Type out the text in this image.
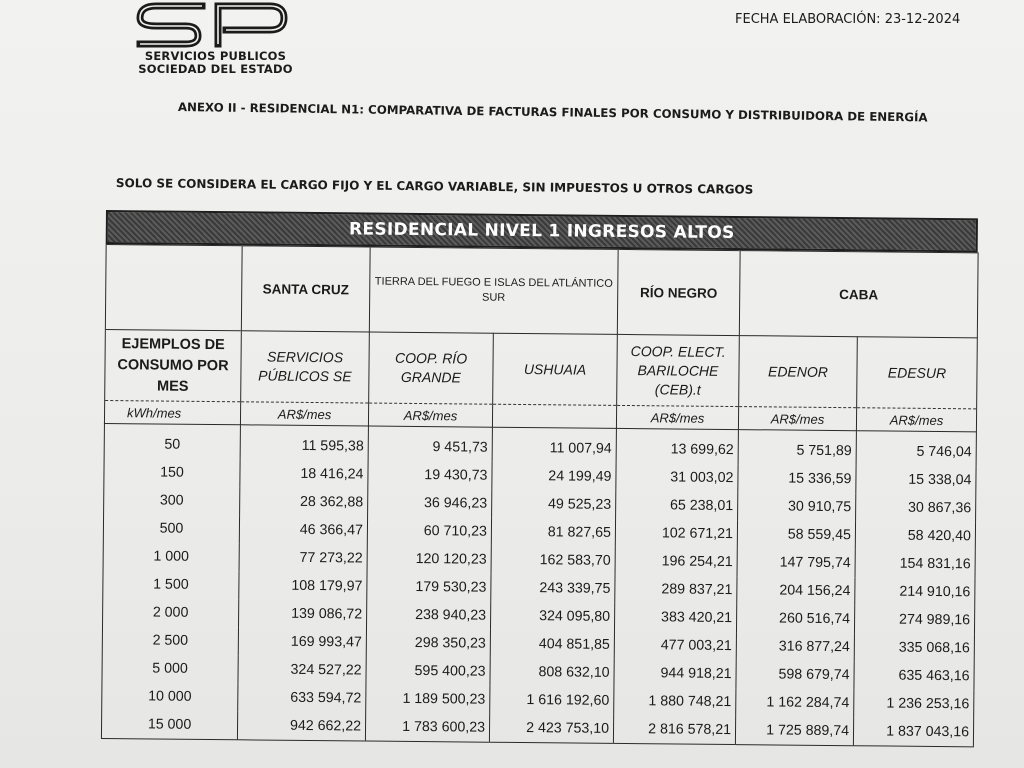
SERVICIOS PUBLICOS
SOCIEDAD DEL ESTADO
FECHA ELABORACIÓN: 23-12-2024
ANEXO II - RESIDENCIAL N1: COMPARATIVA DE FACTURAS FINALES POR CONSUMO Y DISTRIBUIDORA DE ENERGÍA
SOLO SE CONSIDERA EL CARGO FIJO Y EL CARGO VARIABLE, SIN IMPUESTOS U OTROS CARGOS
RESIDENCIAL NIVEL 1 INGRESOS ALTOS
	SANTA CRUZ	TIERRA DEL FUEGO E ISLAS DEL ATLÁNTICO SUR		RÍO NEGRO	CABA	
EJEMPLOS DE CONSUMO POR MES	SERVICIOS PÚBLICOS SE	COOP. RÍO GRANDE	USHUAIA	COOP. ELECT. BARILOCHE (CEB).t	EDENOR	EDESUR
kWh/mes	AR$/mes	AR$/mes		AR$/mes	AR$/mes	AR$/mes
50	11 595,38	9 451,73	11 007,94	13 699,62	5 751,89	5 746,04
150	18 416,24	19 430,73	24 199,49	31 003,02	15 336,59	15 338,04
300	28 362,88	36 946,23	49 525,23	65 238,01	30 910,75	30 867,36
500	46 366,47	60 710,23	81 827,65	102 671,21	58 559,45	58 420,40
1 000	77 273,22	120 120,23	162 583,70	196 254,21	147 795,74	154 831,16
1 500	108 179,97	179 530,23	243 339,75	289 837,21	204 156,24	214 910,16
2 000	139 086,72	238 940,23	324 095,80	383 420,21	260 516,74	274 989,16
2 500	169 993,47	298 350,23	404 851,85	477 003,21	316 877,24	335 068,16
5 000	324 527,22	595 400,23	808 632,10	944 918,21	598 679,74	635 463,16
10 000	633 594,72	1 189 500,23	1 616 192,60	1 880 748,21	1 162 284,74	1 236 253,16
15 000	942 662,22	1 783 600,23	2 423 753,10	2 816 578,21	1 725 889,74	1 837 043,16
